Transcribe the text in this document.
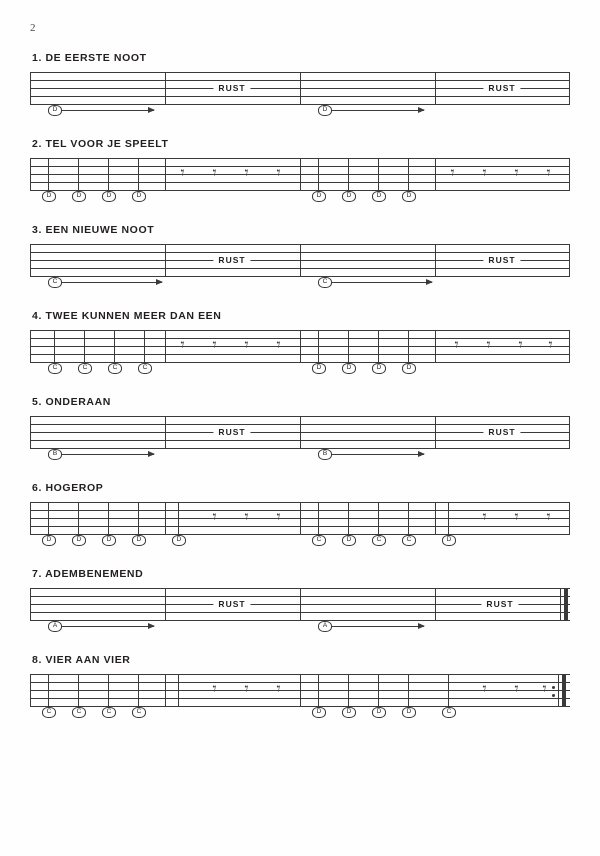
2
1. DE EERSTE NOOT
RUST	RUST
D	D
2. TEL VOOR JE SPEELT
D	D	D	D
𝄾 𝄾 𝄾 𝄾
D	D	D	D
𝄾 𝄾 𝄾 𝄾
3. EEN NIEUWE NOOT
RUST	RUST
C	C
4. TWEE KUNNEN MEER DAN EEN
C	C	C	C
𝄾 𝄾 𝄾 𝄾
D	D	D	D
𝄾 𝄾 𝄾 𝄾
5. ONDERAAN
RUST	RUST
B	B
6. HOGEROP
D	D	D	D	D
𝄾 𝄾 𝄾
C	D	C	C	D
𝄾 𝄾 𝄾
7. ADEMBENEMEND
RUST	RUST
A	A
8. VIER AAN VIER
C	C	C	C
𝄾 𝄾 𝄾
D	D	D	D	C
𝄾 𝄾 𝄾
